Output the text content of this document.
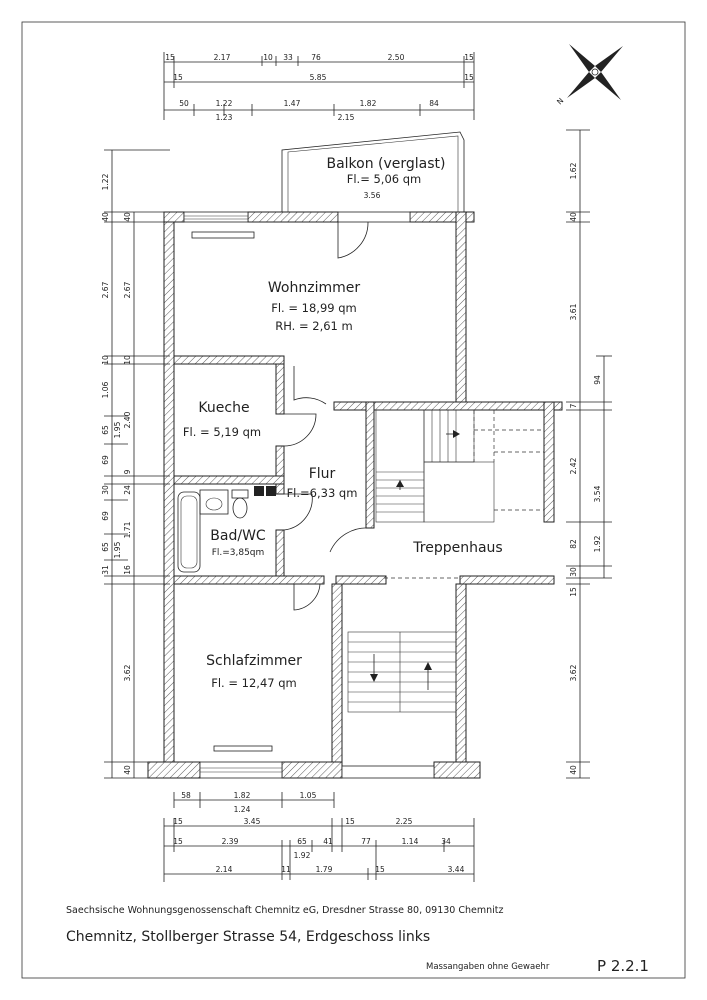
N
15	2.17	10 33 76	2.50	15
15	5.85	15
50	1.22	1.47	1.82	84
1.23	2.15
1.22
40
2.67
10
1.06
65
69
30
69
65
31
1.95
1.95
40
2.67
10
2.40
9
24
1.71
16
3.62
40
1.62
40
3.61
7
2.42
82
30
15
3.62
40
94
3.54
1.92
58	1.82	1.05
1.24
15	3.45	15	2.25
15	2.39	65 41	77	1.14	34
1.92
2.14	11	1.79	15	3.44
Balkon (verglast)
Fl.= 5,06 qm
3.56
Wohnzimmer
Fl. = 18,99 qm
RH. = 2,61 m
Kueche
Fl. = 5,19 qm
Flur
Fl.=6,33 qm
Bad/WC
Fl.=3,85qm	Treppenhaus
Schlafzimmer
Fl. = 12,47 qm
Saechsische Wohnungsgenossenschaft Chemnitz eG, Dresdner Strasse 80, 09130 Chemnitz
Chemnitz, Stollberger Strasse 54, Erdgeschoss links
Massangaben ohne Gewaehr	P 2.2.1
